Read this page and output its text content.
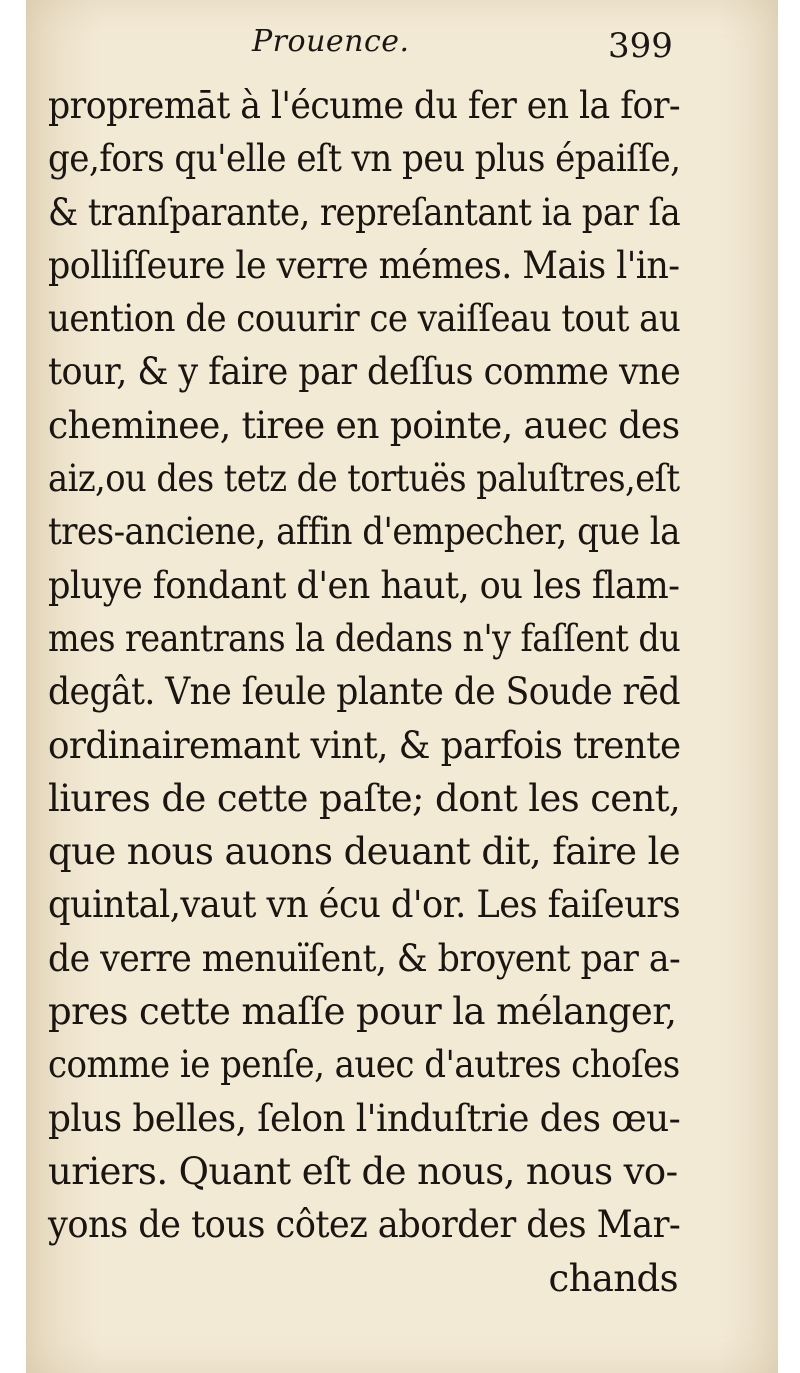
Prouence.	399
propremāt à l'écume du fer en la for-
ge,fors qu'elle eſt vn peu plus épaiſſe,
& tranſparante, repreſantant ia par ſa
polliſſeure le verre mémes. Mais l'in-
uention de couurir ce vaiſſeau tout au
tour, & y faire par deſſus comme vne
cheminee, tiree en pointe, auec des
aiz,ou des tetz de tortuës paluſtres,eſt
tres-anciene, affin d'empecher, que la
pluye fondant d'en haut, ou les flam-
mes reantrans la dedans n'y faſſent du
degât. Vne ſeule plante de Soude rēd
ordinairemant vint, & parfois trente
liures de cette paſte; dont les cent,
que nous auons deuant dit, faire le
quintal,vaut vn écu d'or. Les faiſeurs
de verre menuïſent, & broyent par a-
pres cette maſſe pour la mélanger,
comme ie penſe, auec d'autres choſes
plus belles, ſelon l'induſtrie des œu-
uriers. Quant eſt de nous, nous vo-
yons de tous côtez aborder des Mar-
chands
